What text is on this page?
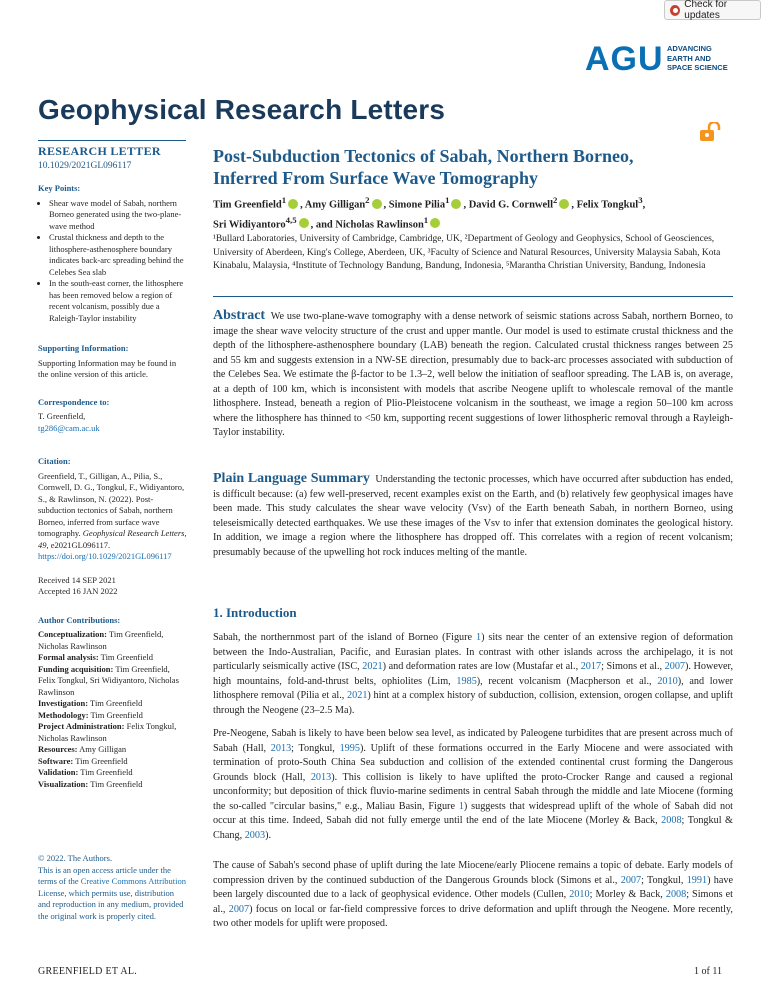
Check for updates
AGU ADVANCING
EARTH AND
SPACE SCIENCE
Geophysical Research Letters
RESEARCH LETTER
10.1029/2021GL096117
Key Points:
• Shear wave model of Sabah, northern Borneo generated using the two-plane-wave method
• Crustal thickness and depth to the lithosphere-asthenosphere boundary indicates back-arc spreading behind the Celebes Sea slab
• In the south-east corner, the lithosphere has been removed below a region of recent volcanism, possibly due a Raleigh-Taylor instability
Supporting Information:
Supporting Information may be found in the online version of this article.
Correspondence to:
T. Greenfield,
tg286@cam.ac.uk
Citation:
Greenfield, T., Gilligan, A., Pilia, S., Cornwell, D. G., Tongkul, F., Widiyantoro, S., & Rawlinson, N. (2022). Post-subduction tectonics of Sabah, northern Borneo, inferred from surface wave tomography. Geophysical Research Letters, 49, e2021GL096117. https://doi.org/10.1029/2021GL096117
Received 14 SEP 2021
Accepted 16 JAN 2022
Author Contributions:
Conceptualization: Tim Greenfield, Nicholas Rawlinson
Formal analysis: Tim Greenfield
Funding acquisition: Tim Greenfield, Felix Tongkul, Sri Widiyantoro, Nicholas Rawlinson
Investigation: Tim Greenfield
Methodology: Tim Greenfield
Project Administration: Felix Tongkul, Nicholas Rawlinson
Resources: Amy Gilligan
Software: Tim Greenfield
Validation: Tim Greenfield
Visualization: Tim Greenfield
© 2022. The Authors.
This is an open access article under the terms of the Creative Commons Attribution License, which permits use, distribution and reproduction in any medium, provided the original work is properly cited.
Post-Subduction Tectonics of Sabah, Northern Borneo, Inferred From Surface Wave Tomography
Tim Greenfield$^1$ , Amy Gilligan$^2$ , Simone Pilia$^1$ , David G. Cornwell$^2$ , Felix Tongkul$^3$,
Sri Widiyantoro$^{4,5}$ , and Nicholas Rawlinson$^1$
¹Bullard Laboratories, University of Cambridge, Cambridge, UK, ²Department of Geology and Geophysics, School of Geosciences, University of Aberdeen, King's College, Aberdeen, UK, ³Faculty of Science and Natural Resources, University Malaysia Sabah, Kota Kinabalu, Malaysia, ⁴Institute of Technology Bandung, Bandung, Indonesia, ⁵Marantha Christian University, Bandung, Indonesia
Abstract We use two-plane-wave tomography with a dense network of seismic stations across Sabah, northern Borneo, to image the shear wave velocity structure of the crust and upper mantle. Our model is used to estimate crustal thickness and the depth of the lithosphere-asthenosphere boundary (LAB) beneath the region. Calculated crustal thickness ranges between 25 and 55 km and suggests extension in a NW-SE direction, presumably due to back-arc processes associated with subduction of the Celebes Sea. We estimate the β-factor to be 1.3–2, well below the initiation of seafloor spreading. The LAB is, on average, at a depth of 100 km, which is inconsistent with models that ascribe Neogene uplift to wholescale removal of the mantle lithosphere. Instead, beneath a region of Plio-Pleistocene volcanism in the southeast, we image a region 50–100 km across where the lithosphere has thinned to <50 km, supporting recent suggestions of lower lithospheric removal through a Rayleigh-Taylor instability.
Plain Language Summary Understanding the tectonic processes, which have occurred after subduction has ended, is difficult because: (a) few well-preserved, recent examples exist on the Earth, and (b) relatively few geophysical images have been made. This study calculates the shear wave velocity (Vsv) of the Earth beneath Sabah, in northern Borneo, using teleseismically detected earthquakes. We use these images of the Vsv to infer that extension dominates the geological history. In addition, we image a region where the lithosphere has dropped off. This correlates with a region of recent volcanism; presumably because of the upwelling hot rock induces melting of the mantle.
1. Introduction
Sabah, the northernmost part of the island of Borneo (Figure 1) sits near the center of an extensive region of deformation between the Indo-Australian, Pacific, and Eurasian plates. In contrast with other islands across the archipelago, it is not particularly seismically active (ISC, 2021) and deformation rates are low (Mustafar et al., 2017; Simons et al., 2007). However, high mountains, fold-and-thrust belts, ophiolites (Lim, 1985), recent volcanism (Macpherson et al., 2010), and lower lithosphere removal (Pilia et al., 2021) hint at a complex history of subduction, collision, extension, orogen collapse, and uplift through the Neogene (23–2.5 Ma).
Pre-Neogene, Sabah is likely to have been below sea level, as indicated by Paleogene turbidites that are present across much of Sabah (Hall, 2013; Tongkul, 1995). Uplift of these formations occurred in the Early Miocene and were associated with termination of proto-South China Sea subduction and collision of the extended continental crust forming the Dangerous Grounds block (Hall, 2013). This collision is likely to have uplifted the proto-Crocker Range and caused a regional unconformity; but deposition of thick fluvio-marine sediments in central Sabah through the middle and late Miocene (forming the so-called "circular basins," e.g., Maliau Basin, Figure 1) suggests that widespread uplift of the whole of Sabah did not occur at this time. Indeed, Sabah did not fully emerge until the end of the late Miocene (Morley & Back, 2008; Tongkul & Chang, 2003).
The cause of Sabah's second phase of uplift during the late Miocene/early Pliocene remains a topic of debate. Early models of compression driven by the continued subduction of the Dangerous Grounds block (Simons et al., 2007; Tongkul, 1991) have been largely discounted due to a lack of geophysical evidence. Other models (Cullen, 2010; Morley & Back, 2008; Simons et al., 2007) focus on local or far-field compressive forces to drive deformation and uplift through the Neogene. More recently, two other models for uplift were proposed.
GREENFIELD ET AL.	1 of 11
